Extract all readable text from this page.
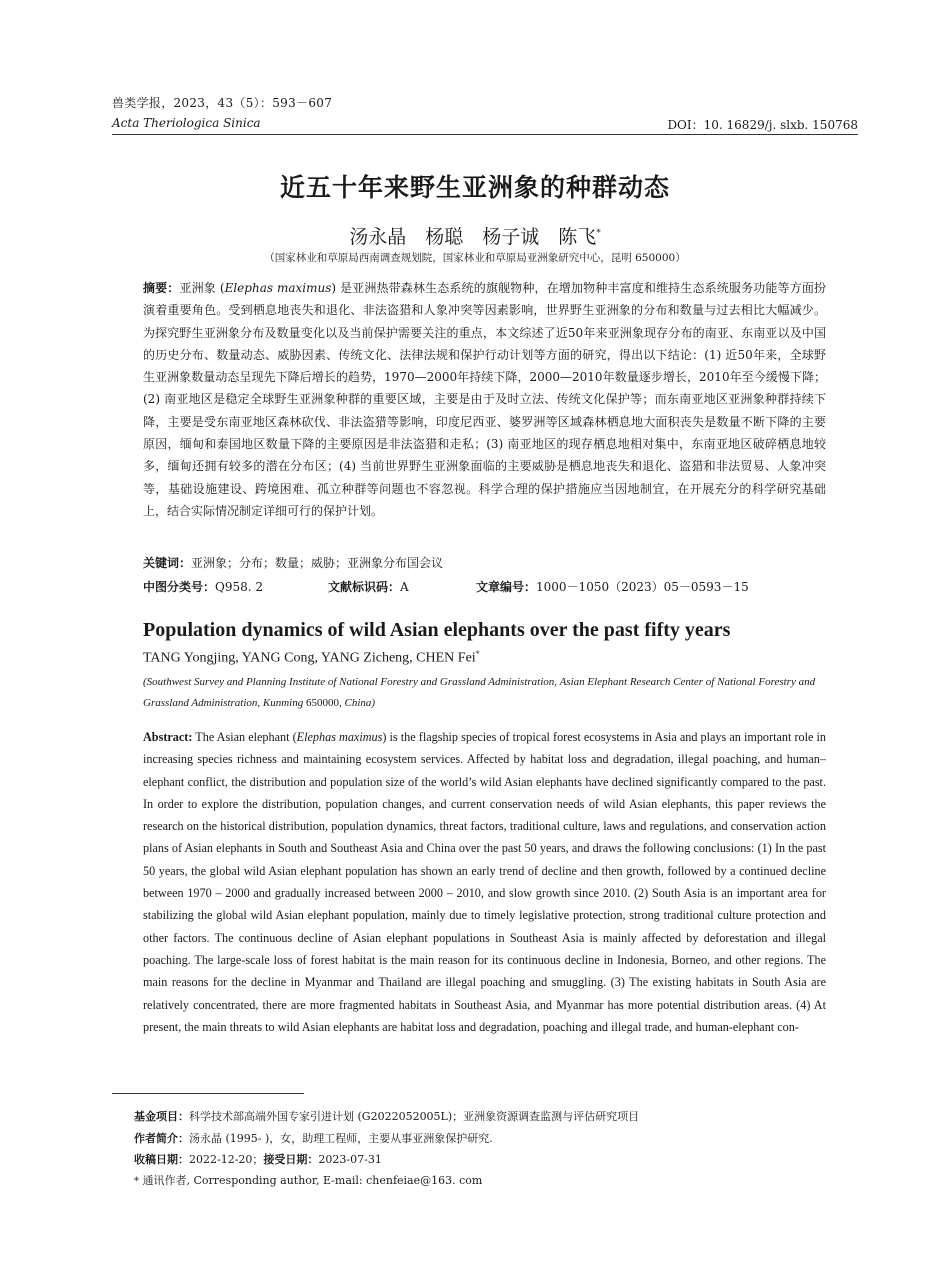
兽类学报，2023，43（5）：593－607
Acta Theriologica Sinica	DOI：10. 16829/j. slxb. 150768
近五十年来野生亚洲象的种群动态
汤永晶　杨聪　杨子诚　陈飞*
（国家林业和草原局西南调查规划院，国家林业和草原局亚洲象研究中心，昆明 650000）
摘要：亚洲象 (Elephas maximus) 是亚洲热带森林生态系统的旗舰物种，在增加物种丰富度和维持生态系统服务功能等方面扮演着重要角色。受到栖息地丧失和退化、非法盗猎和人象冲突等因素影响，世界野生亚洲象的分布和数量与过去相比大幅减少。为探究野生亚洲象分布及数量变化以及当前保护需要关注的重点，本文综述了近50年来亚洲象现存分布的南亚、东南亚以及中国的历史分布、数量动态、威胁因素、传统文化、法律法规和保护行动计划等方面的研究，得出以下结论：(1) 近50年来，全球野生亚洲象数量动态呈现先下降后增长的趋势，1970—2000年持续下降，2000—2010年数量逐步增长，2010年至今缓慢下降；(2) 南亚地区是稳定全球野生亚洲象种群的重要区域，主要是由于及时立法、传统文化保护等；而东南亚地区亚洲象种群持续下降，主要是受东南亚地区森林砍伐、非法盗猎等影响，印度尼西亚、婆罗洲等区域森林栖息地大面积丧失是数量不断下降的主要原因，缅甸和泰国地区数量下降的主要原因是非法盗猎和走私；(3) 南亚地区的现存栖息地相对集中，东南亚地区破碎栖息地较多，缅甸还拥有较多的潜在分布区；(4) 当前世界野生亚洲象面临的主要威胁是栖息地丧失和退化、盗猎和非法贸易、人象冲突等，基础设施建设、跨境困难、孤立种群等问题也不容忽视。科学合理的保护措施应当因地制宜，在开展充分的科学研究基础上，结合实际情况制定详细可行的保护计划。
关键词：亚洲象；分布；数量；威胁；亚洲象分布国会议
中图分类号：Q958. 2	文献标识码：A	文章编号：1000－1050（2023）05－0593－15
Population dynamics of wild Asian elephants over the past fifty years
TANG Yongjing, YANG Cong, YANG Zicheng, CHEN Fei*
(Southwest Survey and Planning Institute of National Forestry and Grassland Administration, Asian Elephant Research Center of National Forestry and Grassland Administration, Kunming 650000, China)
Abstract: The Asian elephant (Elephas maximus) is the flagship species of tropical forest ecosystems in Asia and plays an important role in increasing species richness and maintaining ecosystem services. Affected by habitat loss and degradation, illegal poaching, and human–elephant conflict, the distribution and population size of the world’s wild Asian elephants have declined significantly compared to the past. In order to explore the distribution, population changes, and current conservation needs of wild Asian elephants, this paper reviews the research on the historical distribution, population dynamics, threat factors, traditional culture, laws and regulations, and conservation action plans of Asian elephants in South and Southeast Asia and China over the past 50 years, and draws the following conclusions: (1) In the past 50 years, the global wild Asian elephant population has shown an early trend of decline and then growth, followed by a continued decline between 1970 – 2000 and gradually increased between 2000 – 2010, and slow growth since 2010. (2) South Asia is an important area for stabilizing the global wild Asian elephant population, mainly due to timely legislative protection, strong traditional culture protection and other factors. The continuous decline of Asian elephant populations in Southeast Asia is mainly affected by deforestation and illegal poaching. The large-scale loss of forest habitat is the main reason for its continuous decline in Indonesia, Borneo, and other regions. The main reasons for the decline in Myanmar and Thailand are illegal poaching and smuggling. (3) The existing habitats in South Asia are relatively concentrated, there are more fragmented habitats in Southeast Asia, and Myanmar has more potential distribution areas. (4) At present, the main threats to wild Asian elephants are habitat loss and degradation, poaching and illegal trade, and human-elephant con-
基金项目：科学技术部高端外国专家引进计划 (G2022052005L)；亚洲象资源调查监测与评估研究项目
作者简介：汤永晶 (1995- )，女，助理工程师，主要从事亚洲象保护研究.
收稿日期：2022-12-20；接受日期：2023-07-31
* 通讯作者, Corresponding author, E-mail: chenfeiae@163. com
